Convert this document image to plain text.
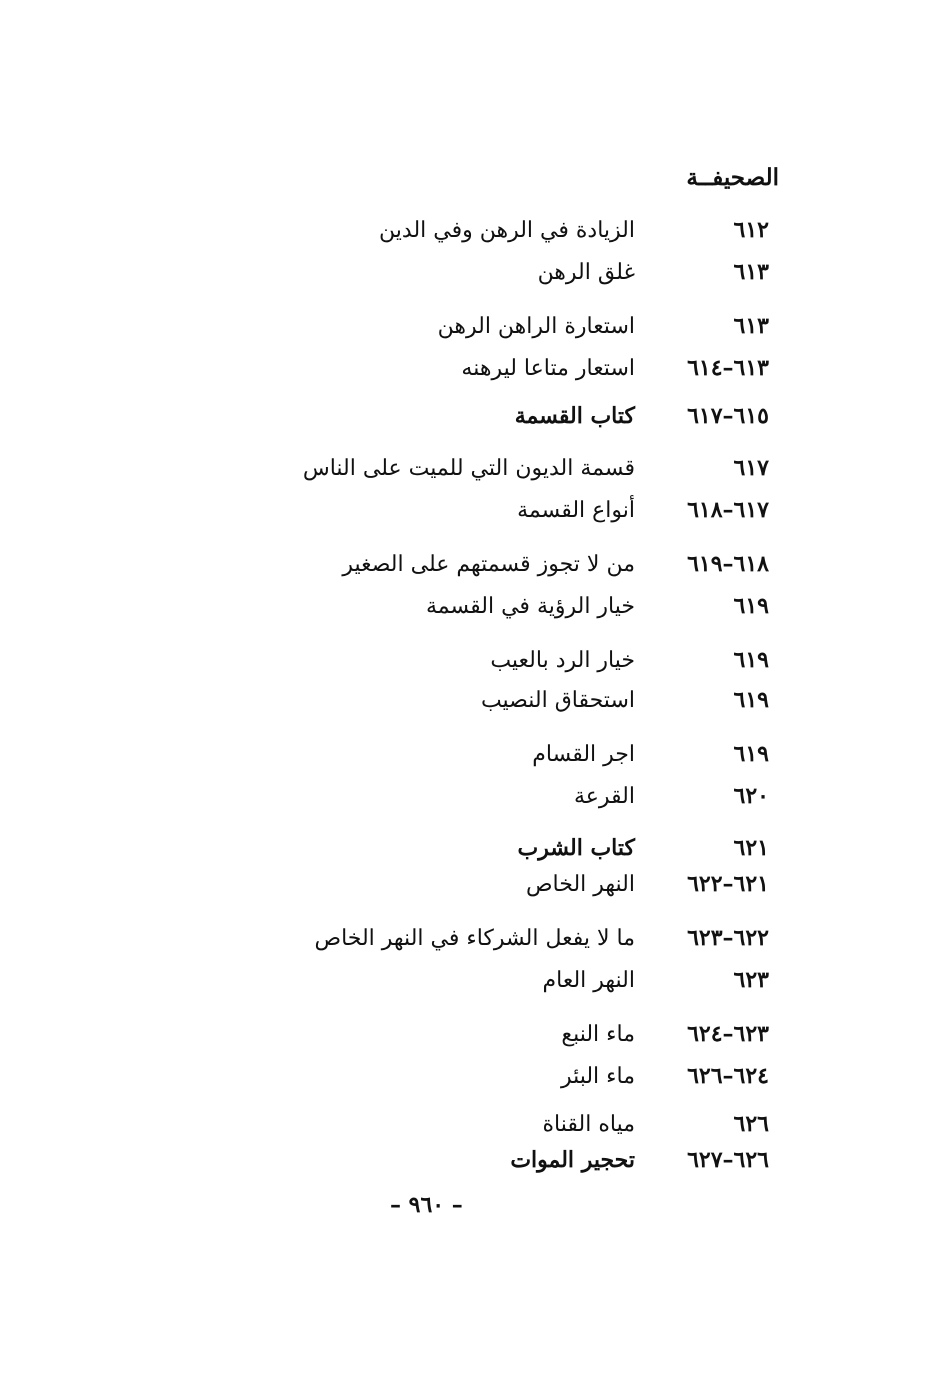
الصحيفــة
٦١٢
الزيادة في الرهن وفي الدين
٦١٣
غلق الرهن
٦١٣
استعارة الراهن الرهن
٦١٣–٦١٤
استعار متاعا ليرهنه
٦١٥–٦١٧
كتاب القسمة
٦١٧
قسمة الديون التي للميت على الناس
٦١٧–٦١٨
أنواع القسمة
٦١٨–٦١٩
من لا تجوز قسمتهم على الصغير
٦١٩
خيار الرؤية في القسمة
٦١٩
خيار الرد بالعيب
٦١٩
استحقاق النصيب
٦١٩
اجر القسام
٦٢٠
القرعة
٦٢١
كتاب الشرب
٦٢١–٦٢٢
النهر الخاص
٦٢٢–٦٢٣
ما لا يفعل الشركاء في النهر الخاص
٦٢٣
النهر العام
٦٢٣–٦٢٤
ماء النبع
٦٢٤–٦٢٦
ماء البئر
٦٢٦
مياه القناة
٦٢٦–٦٢٧
تحجير الموات
– ٩٦٠ –
